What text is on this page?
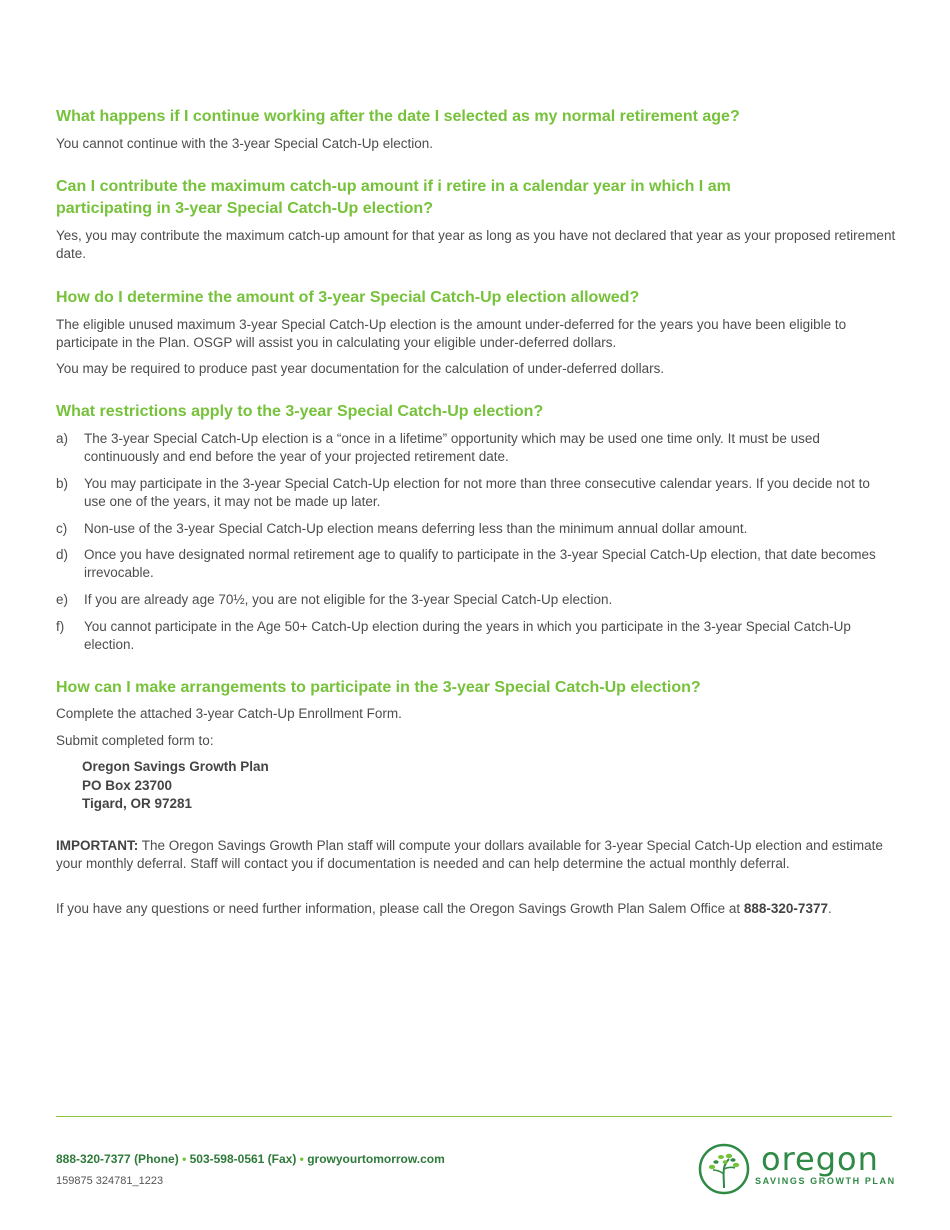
What happens if I continue working after the date I selected as my normal retirement age?

You cannot continue with the 3-year Special Catch-Up election.

Can I contribute the maximum catch-up amount if i retire in a calendar year in which I am
participating in 3-year Special Catch-Up election?

Yes, you may contribute the maximum catch-up amount for that year as long as you have not declared that year as your proposed retirement date.

How do I determine the amount of 3-year Special Catch-Up election allowed?

The eligible unused maximum 3-year Special Catch-Up election is the amount under-deferred for the years you have been eligible to participate in the Plan. OSGP will assist you in calculating your eligible under-deferred dollars.

You may be required to produce past year documentation for the calculation of under-deferred dollars.

What restrictions apply to the 3-year Special Catch-Up election?
a) The 3-year Special Catch-Up election is a “once in a lifetime” opportunity which may be used one time only. It must be used continuously and end before the year of your projected retirement date.

b) You may participate in the 3-year Special Catch-Up election for not more than three consecutive calendar years. If you decide not to use one of the years, it may not be made up later.

c) Non-use of the 3-year Special Catch-Up election means deferring less than the minimum annual dollar amount.

d) Once you have designated normal retirement age to qualify to participate in the 3-year Special Catch-Up election, that date becomes irrevocable.

e) If you are already age 70½, you are not eligible for the 3-year Special Catch-Up election.

f) You cannot participate in the Age 50+ Catch-Up election during the years in which you participate in the 3-year Special Catch-Up election.

How can I make arrangements to participate in the 3-year Special Catch-Up election?

Complete the attached 3-year Catch-Up Enrollment Form.

Submit completed form to:

Oregon Savings Growth Plan
PO Box 23700
Tigard, OR 97281

IMPORTANT: The Oregon Savings Growth Plan staff will compute your dollars available for 3-year Special Catch-Up election and estimate your monthly deferral. Staff will contact you if documentation is needed and can help determine the actual monthly deferral.

If you have any questions or need further information, please call the Oregon Savings Growth Plan Salem Office at 888-320-7377.

888-320-7377 (Phone) • 503-598-0561 (Fax) • growyourtomorrow.com
159875 324781_1223
oregon
SAVINGS GROWTH PLAN
